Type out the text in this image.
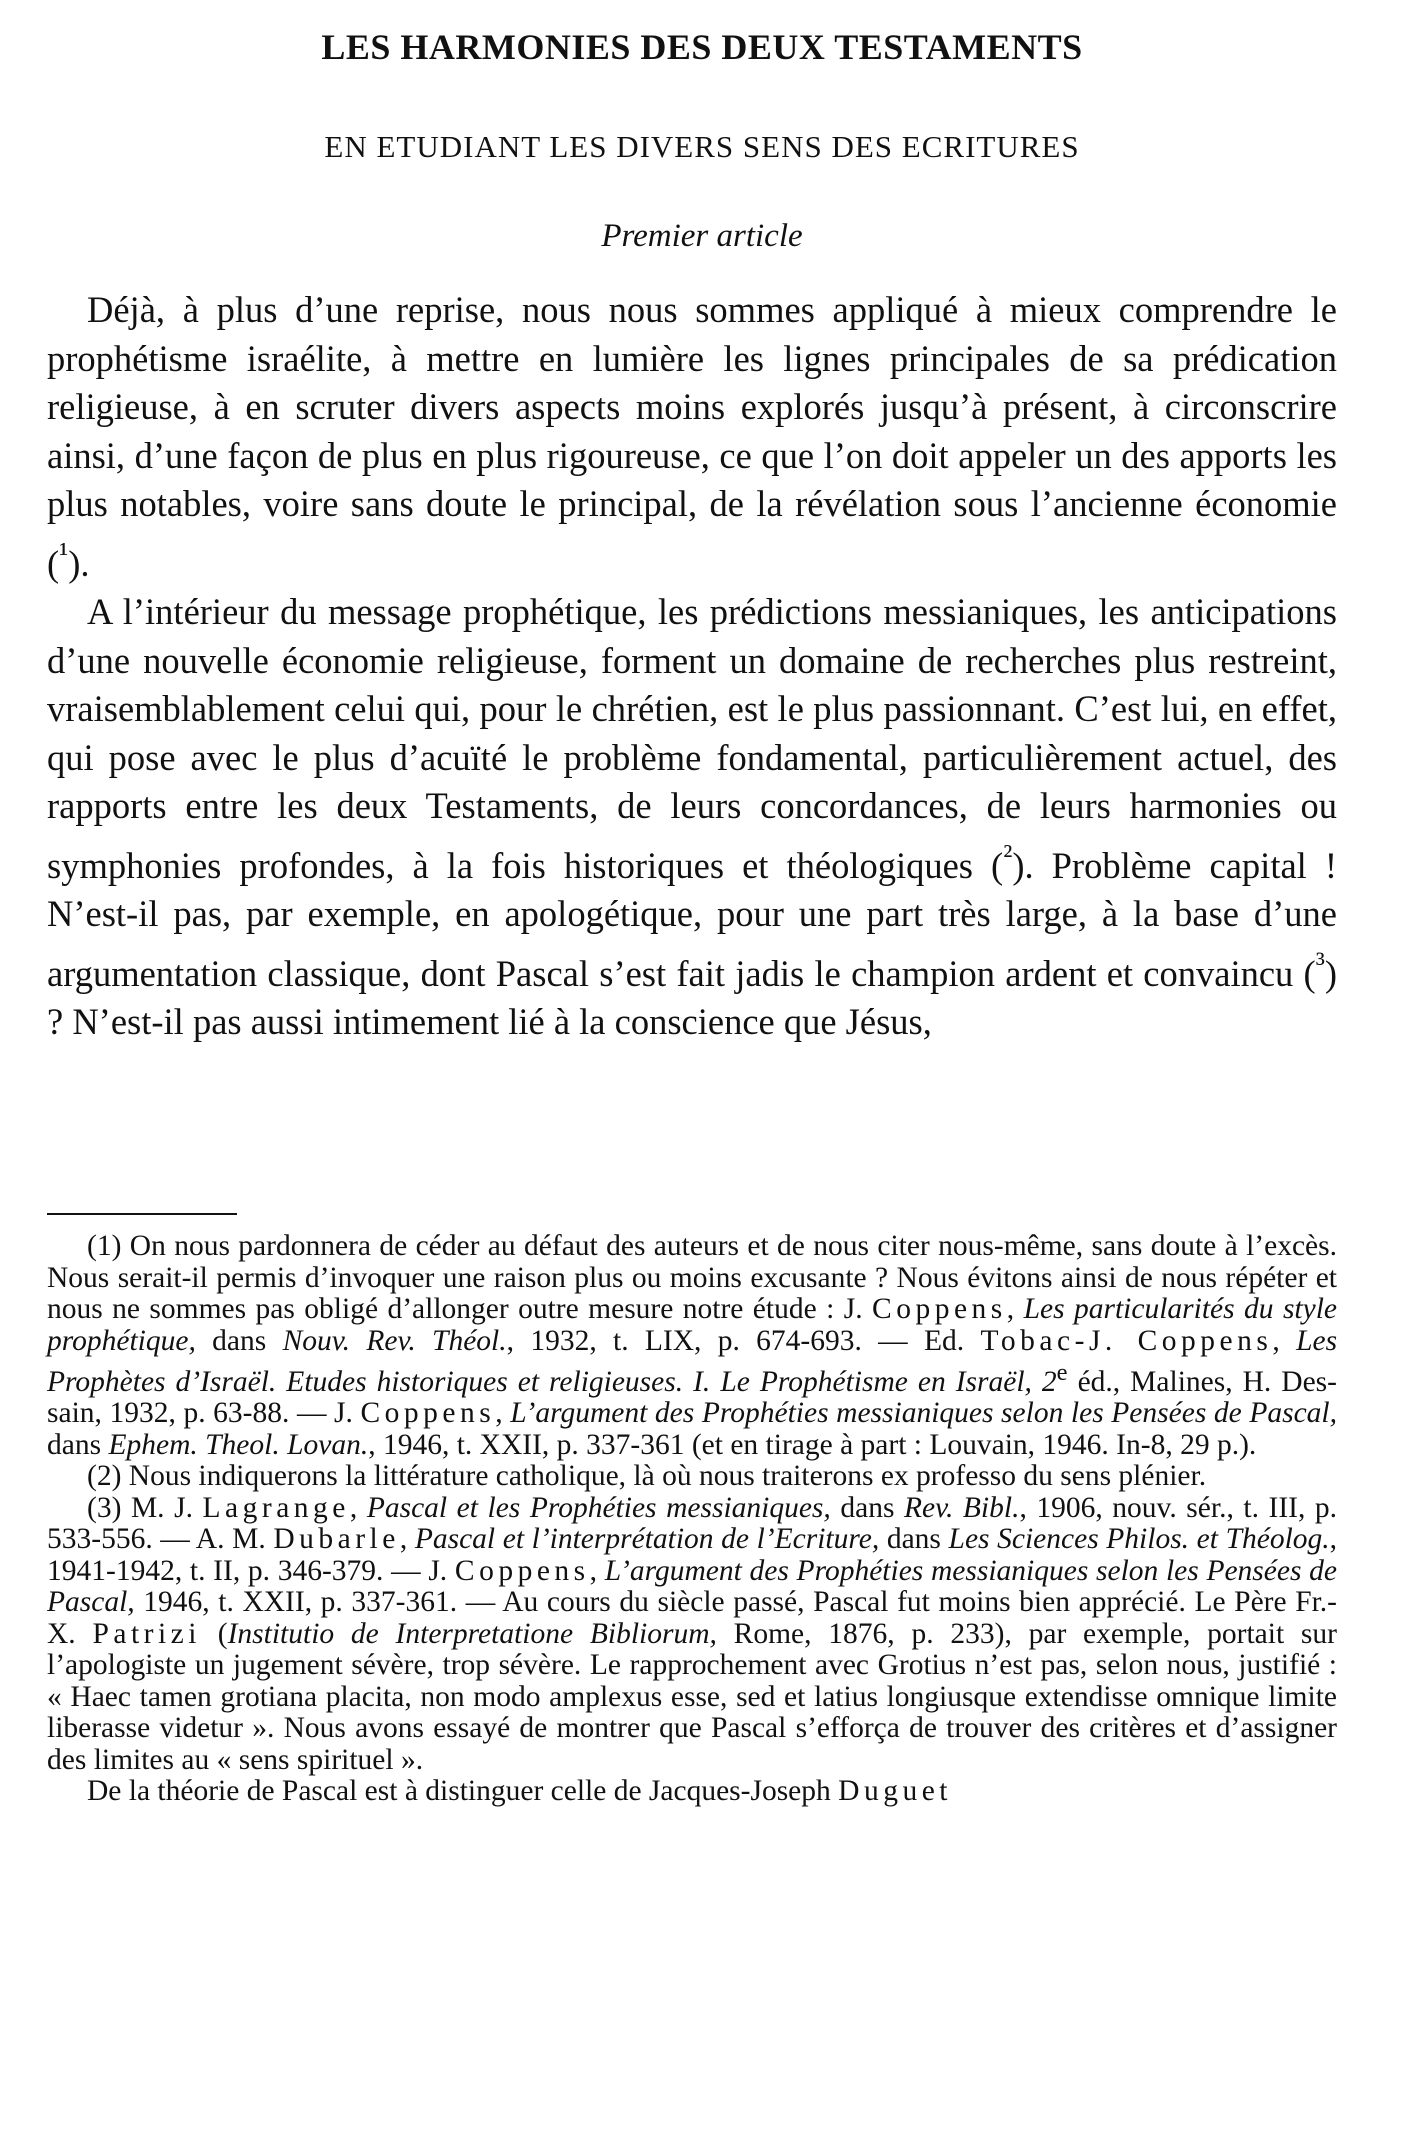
LES HARMONIES DES DEUX TESTAMENTS
EN ETUDIANT LES DIVERS SENS DES ECRITURES
Premier article

Déjà, à plus d’une reprise, nous nous sommes appliqué à mieux comprendre le prophétisme israélite, à mettre en lumière les lignes principales de sa prédication religieuse, à en scruter divers aspects moins explorés jusqu’à présent, à circonscrire ainsi, d’une façon de plus en plus rigoureuse, ce que l’on doit appeler un des apports les plus notables, voire sans doute le principal, de la révélation sous l’ancienne économie ($^{^1}$).

A l’intérieur du message prophétique, les prédictions messianiques, les anticipations d’une nouvelle économie religieuse, forment un domaine de recherches plus restreint, vraisemblablement celui qui, pour le chrétien, est le plus passionnant. C’est lui, en effet, qui pose avec le plus d’acuïté le problème fondamental, particulièrement actuel, des rapports entre les deux Testaments, de leurs concordances, de leurs harmonies ou symphonies profondes, à la fois historiques et théologiques ($^{^2}$). Problème capital ! N’est-il pas, par exemple, en apologétique, pour une part très large, à la base d’une argumentation classique, dont Pascal s’est fait jadis le champion ardent et convaincu ($^{^3}$) ? N’est-il pas aussi intimement lié à la conscience que Jésus,

(1) On nous pardonnera de céder au défaut des auteurs et de nous citer nous-même, sans doute à l’excès. Nous serait-il permis d’invoquer une raison plus ou moins excusante ? Nous évitons ainsi de nous répéter et nous ne sommes pas obligé d’allonger outre mesure notre étude : J. Coppens, Les particularités du style prophétique, dans Nouv. Rev. Théol., 1932, t. LIX, p. 674-693. — Ed. Tobac-J. Coppens, Les Prophètes d’Israël. Etudes historiques et religieuses. I. Le Prophétisme en Israël, 2e éd., Malines, H. Dessain, 1932, p. 63-88. — J. Coppens, L’argument des Prophéties messianiques selon les Pensées de Pascal, dans Ephem. Theol. Lovan., 1946, t. XXII, p. 337-361 (et en tirage à part : Louvain, 1946. In-8, 29 p.).

(2) Nous indiquerons la littérature catholique, là où nous traiterons ex professo du sens plénier.

(3) M. J. Lagrange, Pascal et les Prophéties messianiques, dans Rev. Bibl., 1906, nouv. sér., t. III, p. 533-556. — A. M. Dubarle, Pascal et l’interprétation de l’Ecriture, dans Les Sciences Philos. et Théolog., 1941-1942, t. II, p. 346-379. — J. Coppens, L’argument des Prophéties messianiques selon les Pensées de Pascal, 1946, t. XXII, p. 337-361. — Au cours du siècle passé, Pascal fut moins bien apprécié. Le Père Fr.-X. Patrizi (Institutio de Interpretatione Bibliorum, Rome, 1876, p. 233), par exemple, portait sur l’apologiste un jugement sévère, trop sévère. Le rapprochement avec Grotius n’est pas, selon nous, justifié : « Haec tamen grotiana placita, non modo amplexus esse, sed et latius longiusque extendisse omnique limite liberasse videtur ». Nous avons essayé de montrer que Pascal s’efforça de trouver des critères et d’assigner des limites au « sens spirituel ».

De la théorie de Pascal est à distinguer celle de Jacques-Joseph Duguet
